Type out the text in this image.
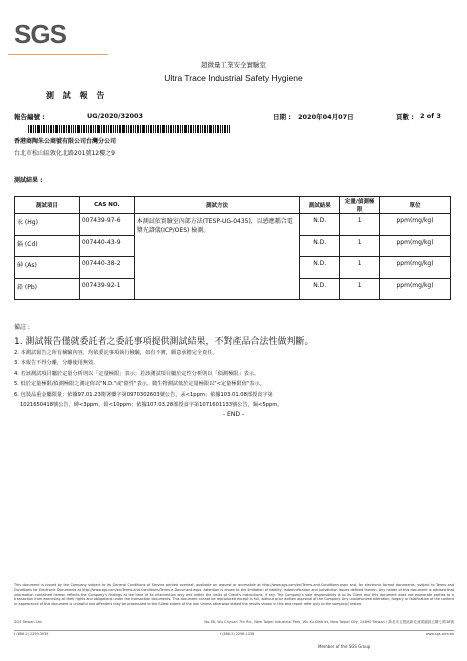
SGS
超微量工業安全實驗室
Ultra Trace Industrial Safety Hygiene
測 試 報 告
報告編號 :	UG/2020/32003	日期 : 2020年04月07日	頁數 : 2 of 3
香港商陶朱公商號有限公司台灣分公司
台北市松山區敦化北路201號12樓之9
測試結果 :
測試項目	CAS NO.	測試方法	測試結果	定量/偵測極限	單位
汞 (Hg)	007439-97-6	本測試依實驗室內部方法(TESP-UG-0435)，以感應耦合電漿光譜儀(ICP/OES) 檢測。	N.D.	1	ppm(mg/kg)
鎘 (Cd)	007440-43-9		N.D.	1	ppm(mg/kg)
砷 (As)	007440-38-2		N.D.	1	ppm(mg/kg)
鉛 (Pb)	007439-92-1		N.D.	1	ppm(mg/kg)
備註 :
1. 測試報告僅就委託者之委託事項提供測試結果，不對產品合法性做判斷。
2. 本測試報告之所有檢驗內容，均依委託事項執行檢驗，如有不實，願意承擔完全責任。
3. 本報告不得分離，分離使用無效。
4. 若該測試項目屬於定量分析則以「定量極限」表示；若該測試項目屬於定性分析則以「偵測極限」表示。
5. 低於定量極限/偵測極限之測定值以"N.D."或"陰性"表示，微生物測試低於定量極限以"<定量極限值"表示。
6. 包裝品重金屬限量：依據97.01.23衛署藥字第0970302603號公告，汞<1ppm；依據103.01.08部授食字第
1021650418號公告，砷<3ppm，鉛<10ppm；依據107.03.28部授食字第1071601133號公告，鎘<5ppm。
- END -
This document is issued by the Company subject to its General Conditions of Service printed overleaf, available on request or accessible at http://www.sgs.com/en/Terms-and-Conditions.aspx and, for electronic format documents, subject to Terms and Conditions for Electronic Documents at http://www.sgs.com/en/Terms-and-Conditions/Terms-e-Document.aspx. Attention is drawn to the limitation of liability, indemnification and jurisdiction issues defined therein. Any holder of this document is advised that information contained hereon reflects the Company's findings at the time of its intervention only and within the limits of Client's instructions, if any. The Company's sole responsibility is to its Client and this document does not exonerate parties to a transaction from exercising all their rights and obligations under the transaction documents. This document cannot be reproduced except in full, without prior written approval of the Company. Any unauthorized alteration, forgery or falsification of the content or appearance of this document is unlawful and offenders may be prosecuted to the fullest extent of the law. Unless otherwise stated the results shown in this test report refer only to the sample(s) tested.
SGS Taiwan Ltd.	No.38, Wu Chyuan 7th Rd., New Taipei Industrial Park, Wu Ku District, New Taipei City, 24890 Taiwan / 新北市五股區新北產業園區五權七路38號
t (886-2) 2299-3939	f (886-2) 2298-1338	www.sgs.com.tw
Member of the SGS Group
